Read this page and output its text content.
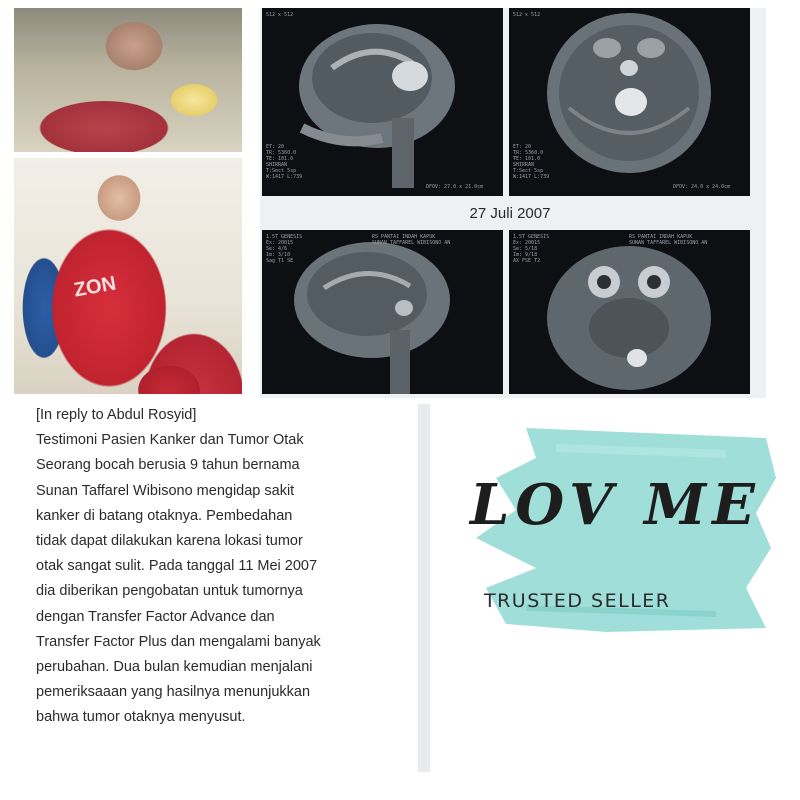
ZON
512 x 512
ET: 20
TR: 5360.0
TE: 101.0
SHIRRAN
T:Sect 5sp
W:1417 L:739
DFOV: 27.0 x 21.0cm
512 x 512
ET: 20
TR: 5360.0
TE: 101.0
SHIRRAN
T:Sect 5sp
W:1417 L:739
DFOV: 24.0 x 24.0cm
27 Juli 2007
1.5T GENESIS
Ex: 20015
Se: 4/6
Im: 3/10
Sag T1 SE
RS PANTAI INDAH KAPUK
SUNAN TAFFAREL WIBISONO AN
1.5T GENESIS
Ex: 20015
Se: 5/18
Im: 9/18
AX FSE T2
RS PANTAI INDAH KAPUK
SUNAN TAFFAREL WIBISONO AN

[In reply to Abdul Rosyid]

Testimoni Pasien Kanker dan Tumor Otak

Seorang bocah berusia 9 tahun bernama

Sunan Taffarel Wibisono mengidap sakit

kanker di batang otaknya. Pembedahan

tidak dapat dilakukan karena lokasi tumor

otak sangat sulit. Pada tanggal 11 Mei 2007

dia diberikan pengobatan untuk tumornya

dengan Transfer Factor Advance dan

Transfer Factor Plus dan mengalami banyak

perubahan. Dua bulan kemudian menjalani

pemeriksaaan yang hasilnya menunjukkan

bahwa tumor otaknya menyusut.

LOV ME
TRUSTED SELLER
